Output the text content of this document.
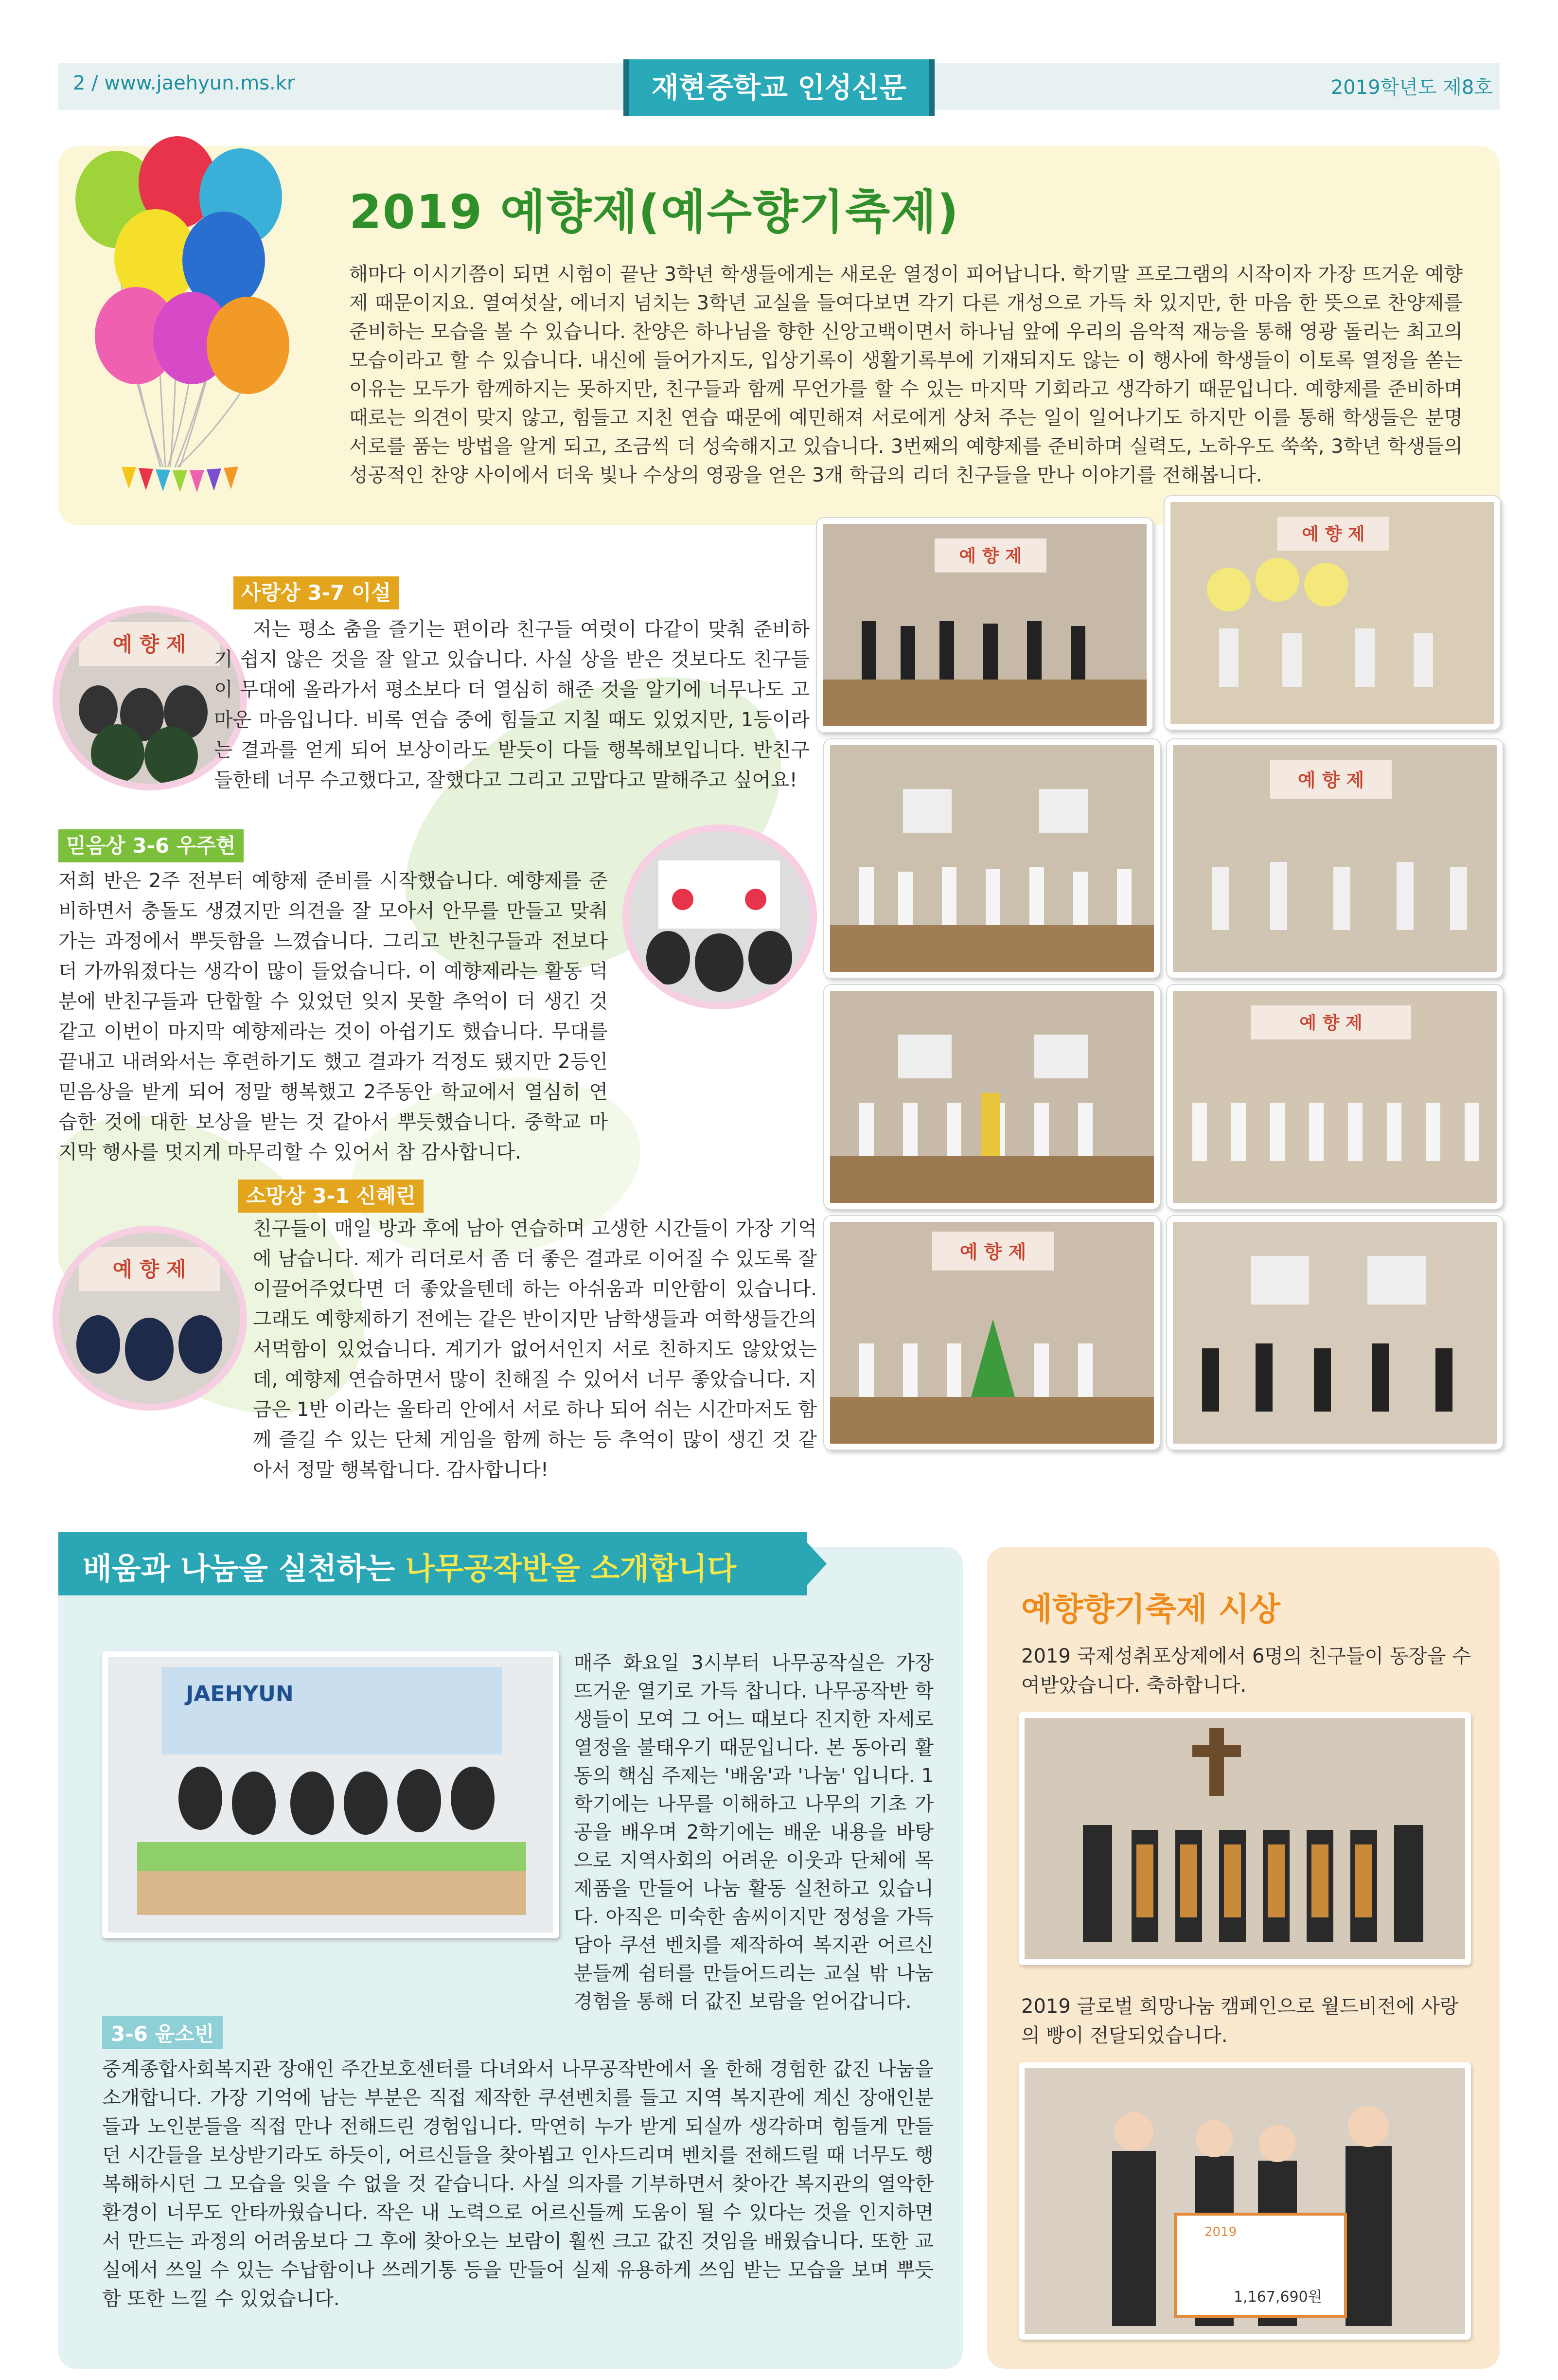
2 / www.jaehyun.ms.kr	재현중학교 인성신문	2019학년도 제8호
2019 예향제(예수향기축제)
해마다 이시기쯤이 되면 시험이 끝난 3학년 학생들에게는 새로운 열정이 피어납니다. 학기말 프로그램의 시작이자 가장 뜨거운 예향제 때문이지요. 열여섯살, 에너지 넘치는 3학년 교실을 들여다보면 각기 다른 개성으로 가득 차 있지만, 한 마음 한 뜻으로 찬양제를 준비하는 모습을 볼 수 있습니다. 찬양은 하나님을 향한 신앙고백이면서 하나님 앞에 우리의 음악적 재능을 통해 영광 돌리는 최고의 모습이라고 할 수 있습니다. 내신에 들어가지도, 입상기록이 생활기록부에 기재되지도 않는 이 행사에 학생들이 이토록 열정을 쏟는 이유는 모두가 함께하지는 못하지만, 친구들과 함께 무언가를 할 수 있는 마지막 기회라고 생각하기 때문입니다. 예향제를 준비하며 때로는 의견이 맞지 않고, 힘들고 지친 연습 때문에 예민해져 서로에게 상처 주는 일이 일어나기도 하지만 이를 통해 학생들은 분명 서로를 품는 방법을 알게 되고, 조금씩 더 성숙해지고 있습니다. 3번째의 예향제를 준비하며 실력도, 노하우도 쑥쑥, 3학년 학생들의 성공적인 찬양 사이에서 더욱 빛나 수상의 영광을 얻은 3개 학급의 리더 친구들을 만나 이야기를 전해봅니다.
예 향 제
사랑상 3-7 이설
저는 평소 춤을 즐기는 편이라 친구들 여럿이 다같이 맞춰 준비하기 쉽지 않은 것을 잘 알고 있습니다. 사실 상을 받은 것보다도 친구들이 무대에 올라가서 평소보다 더 열심히 해준 것을 알기에 너무나도 고마운 마음입니다. 비록 연습 중에 힘들고 지칠 때도 있었지만, 1등이라는 결과를 얻게 되어 보상이라도 받듯이 다들 행복해보입니다. 반친구들한테 너무 수고했다고, 잘했다고 그리고 고맙다고 말해주고 싶어요!
믿음상 3-6 우주현
저희 반은 2주 전부터 예향제 준비를 시작했습니다. 예향제를 준비하면서 충돌도 생겼지만 의견을 잘 모아서 안무를 만들고 맞춰가는 과정에서 뿌듯함을 느꼈습니다. 그리고 반친구들과 전보다 더 가까워졌다는 생각이 많이 들었습니다. 이 예향제라는 활동 덕분에 반친구들과 단합할 수 있었던 잊지 못할 추억이 더 생긴 것 같고 이번이 마지막 예향제라는 것이 아쉽기도 했습니다. 무대를 끝내고 내려와서는 후련하기도 했고 결과가 걱정도 됐지만 2등인 믿음상을 받게 되어 정말 행복했고 2주동안 학교에서 열심히 연습한 것에 대한 보상을 받는 것 같아서 뿌듯했습니다. 중학교 마지막 행사를 멋지게 마무리할 수 있어서 참 감사합니다.
예 향 제
소망상 3-1 신혜린
친구들이 매일 방과 후에 남아 연습하며 고생한 시간들이 가장 기억에 남습니다. 제가 리더로서 좀 더 좋은 결과로 이어질 수 있도록 잘 이끌어주었다면 더 좋았을텐데 하는 아쉬움과 미안함이 있습니다. 그래도 예향제하기 전에는 같은 반이지만 남학생들과 여학생들간의 서먹함이 있었습니다. 계기가 없어서인지 서로 친하지도 않았었는데, 예향제 연습하면서 많이 친해질 수 있어서 너무 좋았습니다. 지금은 1반 이라는 울타리 안에서 서로 하나 되어 쉬는 시간마저도 함께 즐길 수 있는 단체 게임을 함께 하는 등 추억이 많이 생긴 것 같아서 정말 행복합니다. 감사합니다!
예 향 제
예 향 제
예 향 제
예 향 제
예 향 제
배움과 나눔을 실천하는 나무공작반을 소개합니다
JAEHYUN
매주 화요일 3시부터 나무공작실은 가장 뜨거운 열기로 가득 찹니다. 나무공작반 학생들이 모여 그 어느 때보다 진지한 자세로 열정을 불태우기 때문입니다. 본 동아리 활동의 핵심 주제는 '배움'과 '나눔' 입니다. 1학기에는 나무를 이해하고 나무의 기초 가공을 배우며 2학기에는 배운 내용을 바탕으로 지역사회의 어려운 이웃과 단체에 목제품을 만들어 나눔 활동 실천하고 있습니다. 아직은 미숙한 솜씨이지만 정성을 가득 담아 쿠션 벤치를 제작하여 복지관 어르신 분들께 쉼터를 만들어드리는 교실 밖 나눔 경험을 통해 더 값진 보람을 얻어갑니다.
3-6 윤소빈
중계종합사회복지관 장애인 주간보호센터를 다녀와서 나무공작반에서 올 한해 경험한 값진 나눔을 소개합니다. 가장 기억에 남는 부분은 직접 제작한 쿠션벤치를 들고 지역 복지관에 계신 장애인분들과 노인분들을 직접 만나 전해드린 경험입니다. 막연히 누가 받게 되실까 생각하며 힘들게 만들던 시간들을 보상받기라도 하듯이, 어르신들을 찾아뵙고 인사드리며 벤치를 전해드릴 때 너무도 행복해하시던 그 모습을 잊을 수 없을 것 같습니다. 사실 의자를 기부하면서 찾아간 복지관의 열악한 환경이 너무도 안타까웠습니다. 작은 내 노력으로 어르신들께 도움이 될 수 있다는 것을 인지하면서 만드는 과정의 어려움보다 그 후에 찾아오는 보람이 훨씬 크고 값진 것임을 배웠습니다. 또한 교실에서 쓰일 수 있는 수납함이나 쓰레기통 등을 만들어 실제 유용하게 쓰임 받는 모습을 보며 뿌듯함 또한 느낄 수 있었습니다.
예향향기축제 시상
2019 국제성취포상제에서 6명의 친구들이 동장을 수여받았습니다. 축하합니다.
2019 글로벌 희망나눔 캠페인으로 월드비전에 사랑의 빵이 전달되었습니다.
2019
1,167,690원
